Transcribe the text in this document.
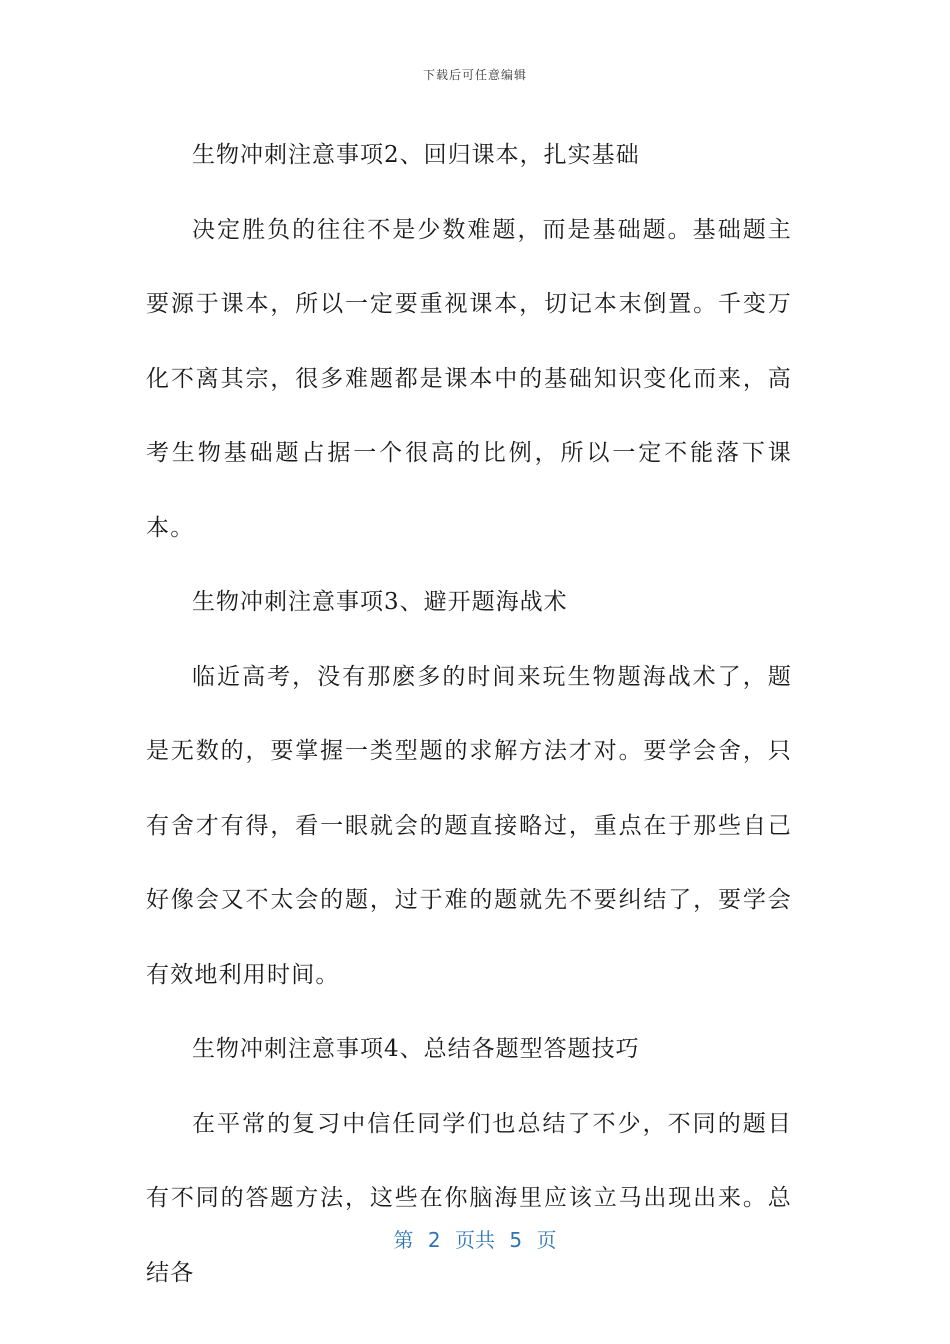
下载后可任意编辑

生物冲刺注意事项2、回归课本，扎实基础

决定胜负的往往不是少数难题，而是基础题。基础题主要源于课本，所以一定要重视课本，切记本末倒置。千变万化不离其宗，很多难题都是课本中的基础知识变化而来，高考生物基础题占据一个很高的比例，所以一定不能落下课本。

生物冲刺注意事项3、避开题海战术

临近高考，没有那麽多的时间来玩生物题海战术了，题是无数的，要掌握一类型题的求解方法才对。要学会舍，只有舍才有得，看一眼就会的题直接略过，重点在于那些自己好像会又不太会的题，过于难的题就先不要纠结了，要学会有效地利用时间。

生物冲刺注意事项4、总结各题型答题技巧

在平常的复习中信任同学们也总结了不少，不同的题目有不同的答题方法，这些在你脑海里应该立马出现出来。总结各

第 2 页共 5 页
